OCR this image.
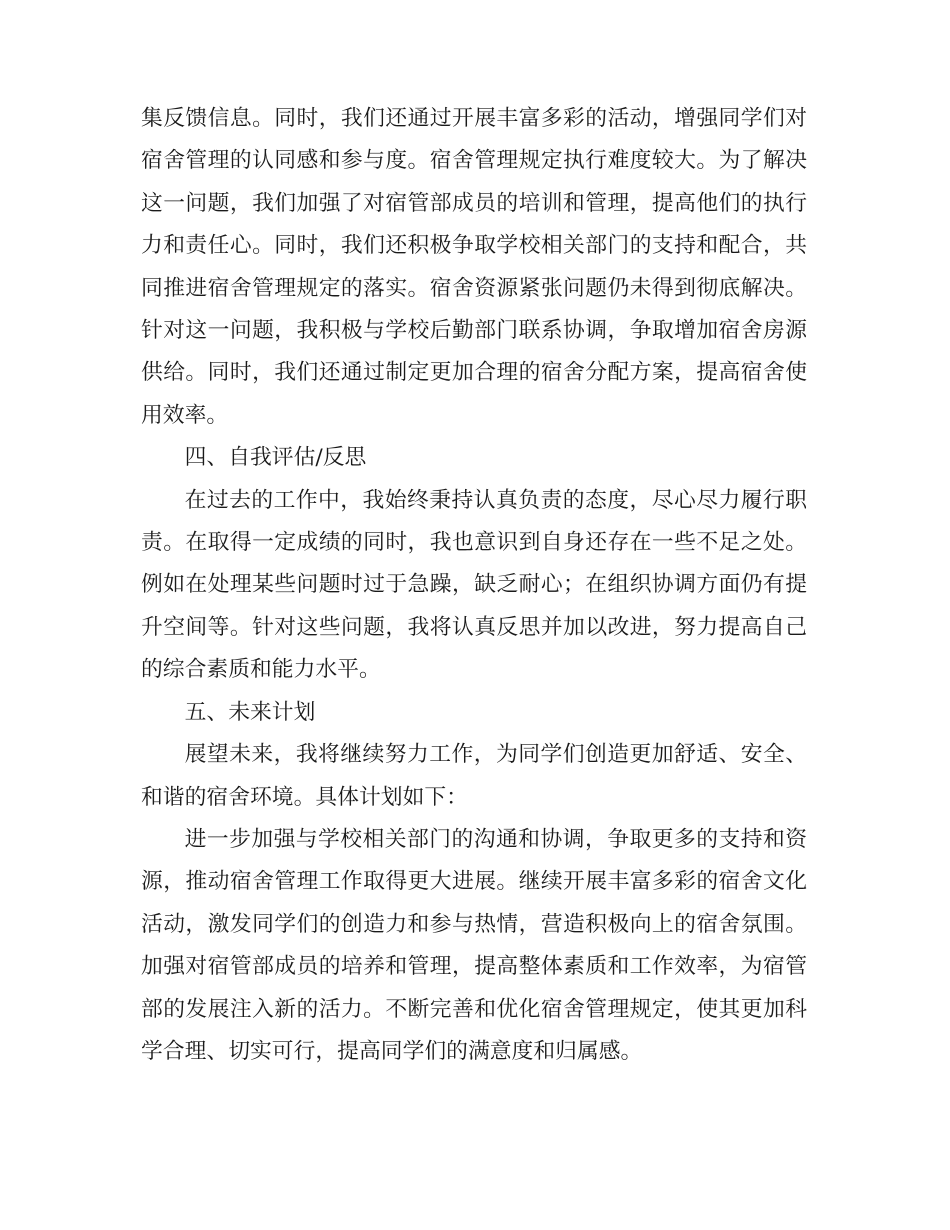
集反馈信息。同时，我们还通过开展丰富多彩的活动，增强同学们对宿舍管理的认同感和参与度。宿舍管理规定执行难度较大。为了解决这一问题，我们加强了对宿管部成员的培训和管理，提高他们的执行力和责任心。同时，我们还积极争取学校相关部门的支持和配合，共同推进宿舍管理规定的落实。宿舍资源紧张问题仍未得到彻底解决。针对这一问题，我积极与学校后勤部门联系协调，争取增加宿舍房源供给。同时，我们还通过制定更加合理的宿舍分配方案，提高宿舍使用效率。

四、自我评估/反思

在过去的工作中，我始终秉持认真负责的态度，尽心尽力履行职责。在取得一定成绩的同时，我也意识到自身还存在一些不足之处。例如在处理某些问题时过于急躁，缺乏耐心；在组织协调方面仍有提升空间等。针对这些问题，我将认真反思并加以改进，努力提高自己的综合素质和能力水平。

五、未来计划

展望未来，我将继续努力工作，为同学们创造更加舒适、安全、和谐的宿舍环境。具体计划如下：

进一步加强与学校相关部门的沟通和协调，争取更多的支持和资源，推动宿舍管理工作取得更大进展。继续开展丰富多彩的宿舍文化活动，激发同学们的创造力和参与热情，营造积极向上的宿舍氛围。加强对宿管部成员的培养和管理，提高整体素质和工作效率，为宿管部的发展注入新的活力。不断完善和优化宿舍管理规定，使其更加科学合理、切实可行，提高同学们的满意度和归属感。
